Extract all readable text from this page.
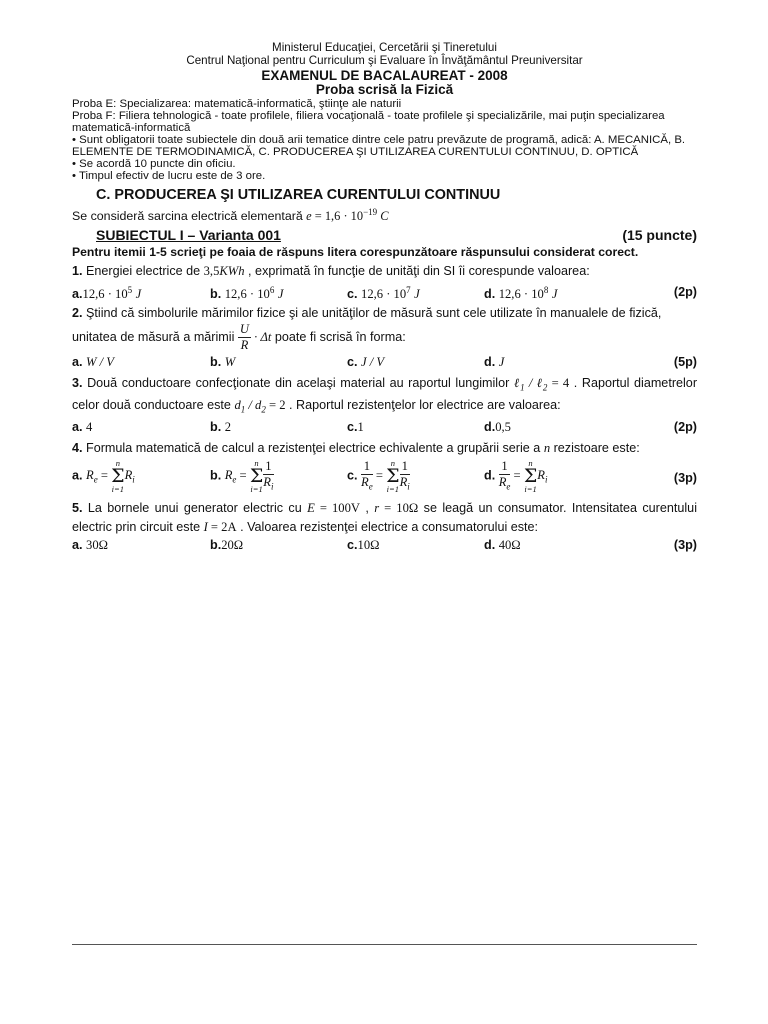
Ministerul Educaţiei, Cercetării şi Tineretului
Centrul Naţional pentru Curriculum şi Evaluare în Învăţământul Preuniversitar
EXAMENUL DE BACALAUREAT - 2008
Proba scrisă la Fizică
Proba E: Specializarea: matematică-informatică, ştiinţe ale naturii
Proba F: Filiera tehnologică - toate profilele, filiera vocaţională - toate profilele şi specializările, mai puţin specializarea matematică-informatică
• Sunt obligatorii toate subiectele din două arii tematice dintre cele patru prevăzute de programă, adică: A. MECANICĂ, B. ELEMENTE DE TERMODINAMICĂ, C. PRODUCEREA ŞI UTILIZAREA CURENTULUI CONTINUU, D. OPTICĂ
• Se acordă 10 puncte din oficiu.
• Timpul efectiv de lucru este de 3 ore.
C. PRODUCEREA ŞI UTILIZAREA CURENTULUI CONTINUU
Se consideră sarcina electrică elementară $e = 1,6 \cdot 10^{-19}$ C
SUBIECTUL I – Varianta 001	(15 puncte)
Pentru itemii 1-5 scrieţi pe foaia de răspuns litera corespunzătoare răspunsului considerat corect.
1. Energiei electrice de 3,5KWh , exprimată în funcţie de unităţi din SI îi corespunde valoarea:
$a.12,6 \cdot 10^5$ J	b. $12,6 \cdot 10^6$ J	c. $12,6 \cdot 10^7$ J	d. $12,6 \cdot 10^8$ J	(2p)
2. Ştiind că simbolurile mărimilor fizice şi ale unităţilor de măsură sunt cele utilizate în manualele de fizică,
unitatea de măsură a mărimii $\frac{U}{R} \cdot \Delta t$ poate fi scrisă în forma:
a. W / V	b. W	c. J / V	d. J	(5p)
3. Două conductoare confecţionate din acelaşi material au raportul lungimilor ℓ$_1$ / ℓ$_2$ = 4 . Raportul diametrelor celor două conductoare este $d_1 / d_2 = 2$ . Raportul rezistenţelor lor electrice are valoarea:
a. 4	b. 2	c.1	d.0,5	(2p)
4. Formula matematică de calcul a rezistenţei electrice echivalente a grupării serie a n rezistoare este:
a. $R_e$ =
n
Σ
i=1
$R_i$	b. $R_e$ =
n
Σ
$i=1 \frac{1}{R_i}$	c. $\frac{1}{R_e}$ =
n
Σ
$i=1 \frac{1}{R_i}$	d. $\frac{1}{R_e}$ =
n
Σ
i=1
$R_i$	(3p)
5. La bornele unui generator electric cu E = 100V , r = 10Ω se leagă un consumator. Intensitatea curentului electric prin circuit este I = 2A . Valoarea rezistenţei electrice a consumatorului este:
a. 30Ω	b.20Ω	c.10Ω	d. 40Ω	(3p)
